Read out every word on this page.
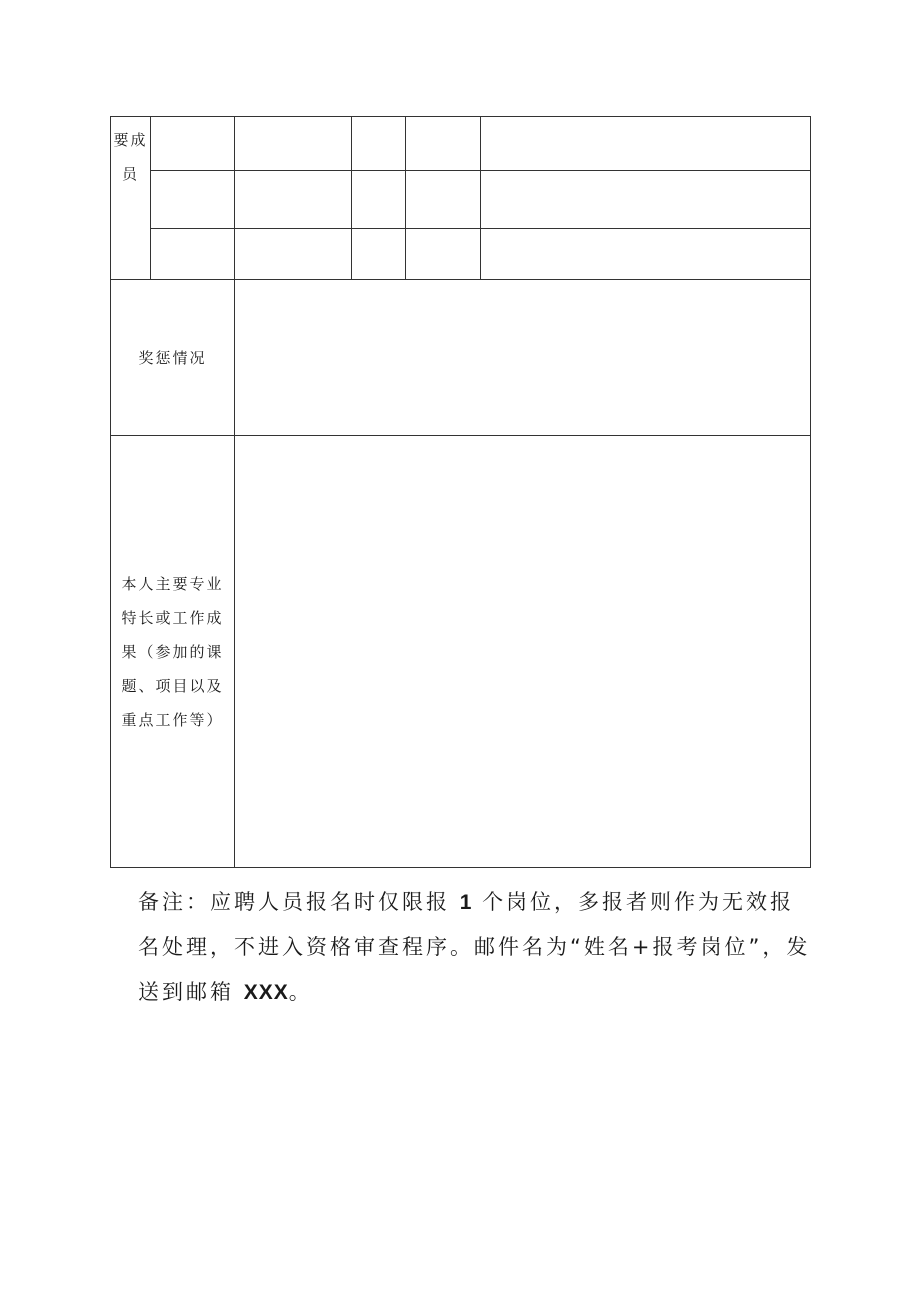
要成
员					

奖惩情况					

本人主要专业
特长或工作成
果（参加的课
题、项目以及
重点工作等）					

备注：应聘人员报名时仅限报 1 个岗位，多报者则作为无效报名处理，不进入资格审查程序。邮件名为“姓名+报考岗位”，发送到邮箱 XXX。
